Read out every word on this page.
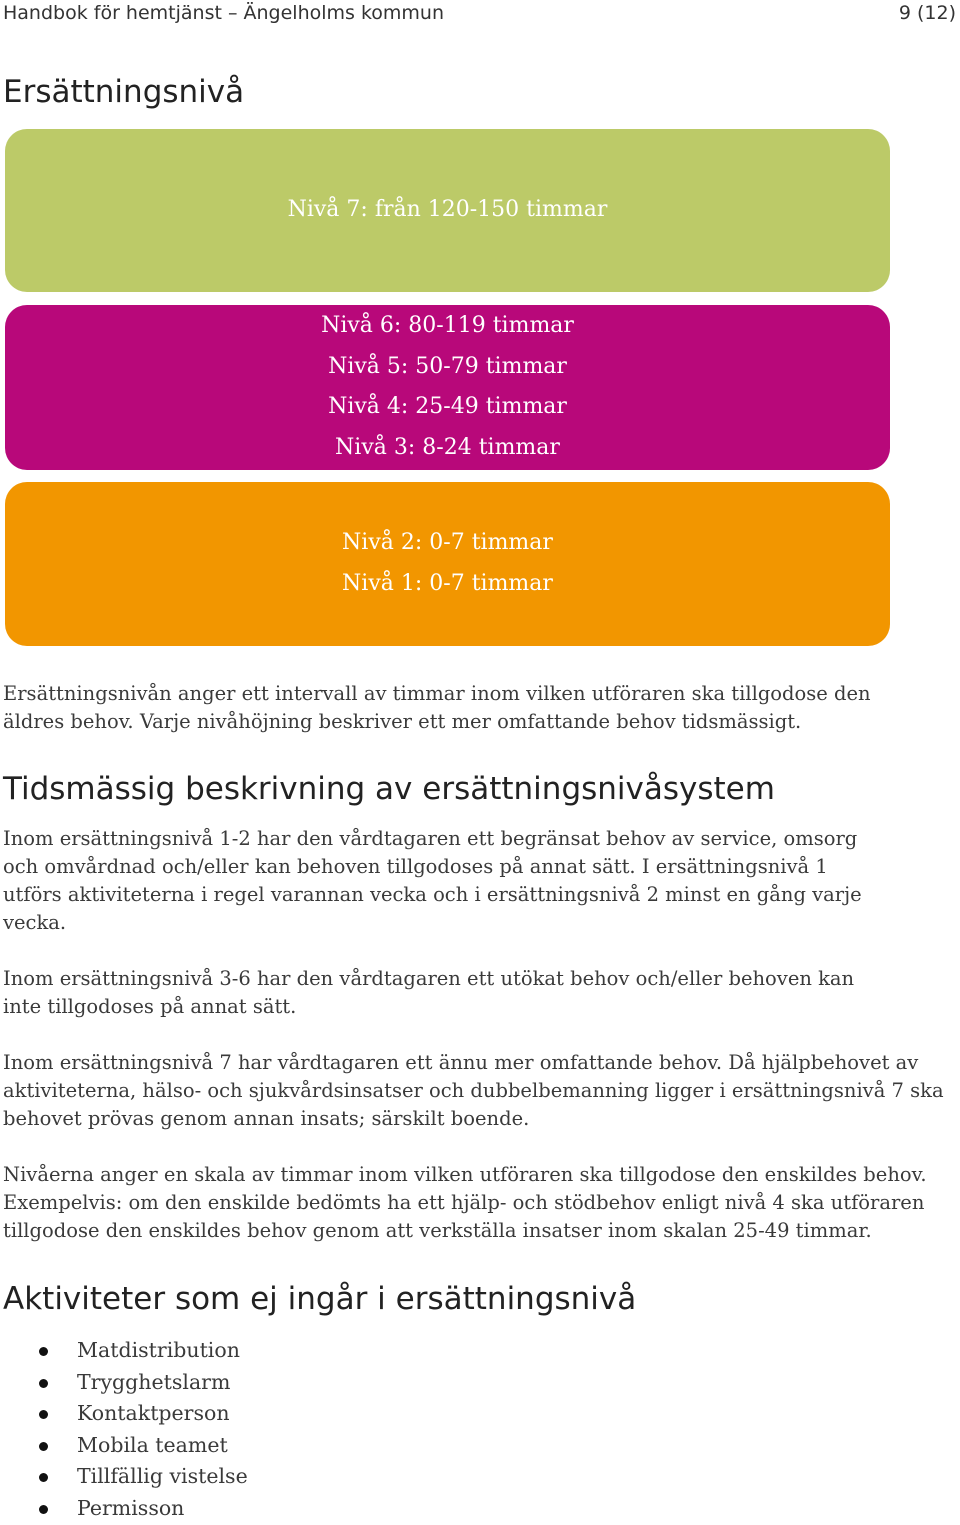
Handbok för hemtjänst – Ängelholms kommun	9 (12)
Ersättningsnivå
Nivå 7: från 120-150 timmar
Nivå 6: 80-119 timmar
Nivå 5: 50-79 timmar
Nivå 4: 25-49 timmar
Nivå 3: 8-24 timmar
Nivå 2: 0-7 timmar
Nivå 1: 0-7 timmar

Ersättningsnivån anger ett intervall av timmar inom vilken utföraren ska tillgodose den
äldres behov. Varje nivåhöjning beskriver ett mer omfattande behov tidsmässigt.

Tidsmässig beskrivning av ersättningsnivåsystem

Inom ersättningsnivå 1-2 har den vårdtagaren ett begränsat behov av service, omsorg
och omvårdnad och/eller kan behoven tillgodoses på annat sätt. I ersättningsnivå 1
utförs aktiviteterna i regel varannan vecka och i ersättningsnivå 2 minst en gång varje
vecka.

Inom ersättningsnivå 3-6 har den vårdtagaren ett utökat behov och/eller behoven kan
inte tillgodoses på annat sätt.

Inom ersättningsnivå 7 har vårdtagaren ett ännu mer omfattande behov. Då hjälpbehovet av
aktiviteterna, hälso- och sjukvårdsinsatser och dubbelbemanning ligger i ersättningsnivå 7 ska
behovet prövas genom annan insats; särskilt boende.

Nivåerna anger en skala av timmar inom vilken utföraren ska tillgodose den enskildes behov.
Exempelvis: om den enskilde bedömts ha ett hjälp- och stödbehov enligt nivå 4 ska utföraren
tillgodose den enskildes behov genom att verkställa insatser inom skalan 25-49 timmar.

Aktiviteter som ej ingår i ersättningsnivå
Matdistribution
Trygghetslarm
Kontaktperson
Mobila teamet
Tillfällig vistelse
Permisson
